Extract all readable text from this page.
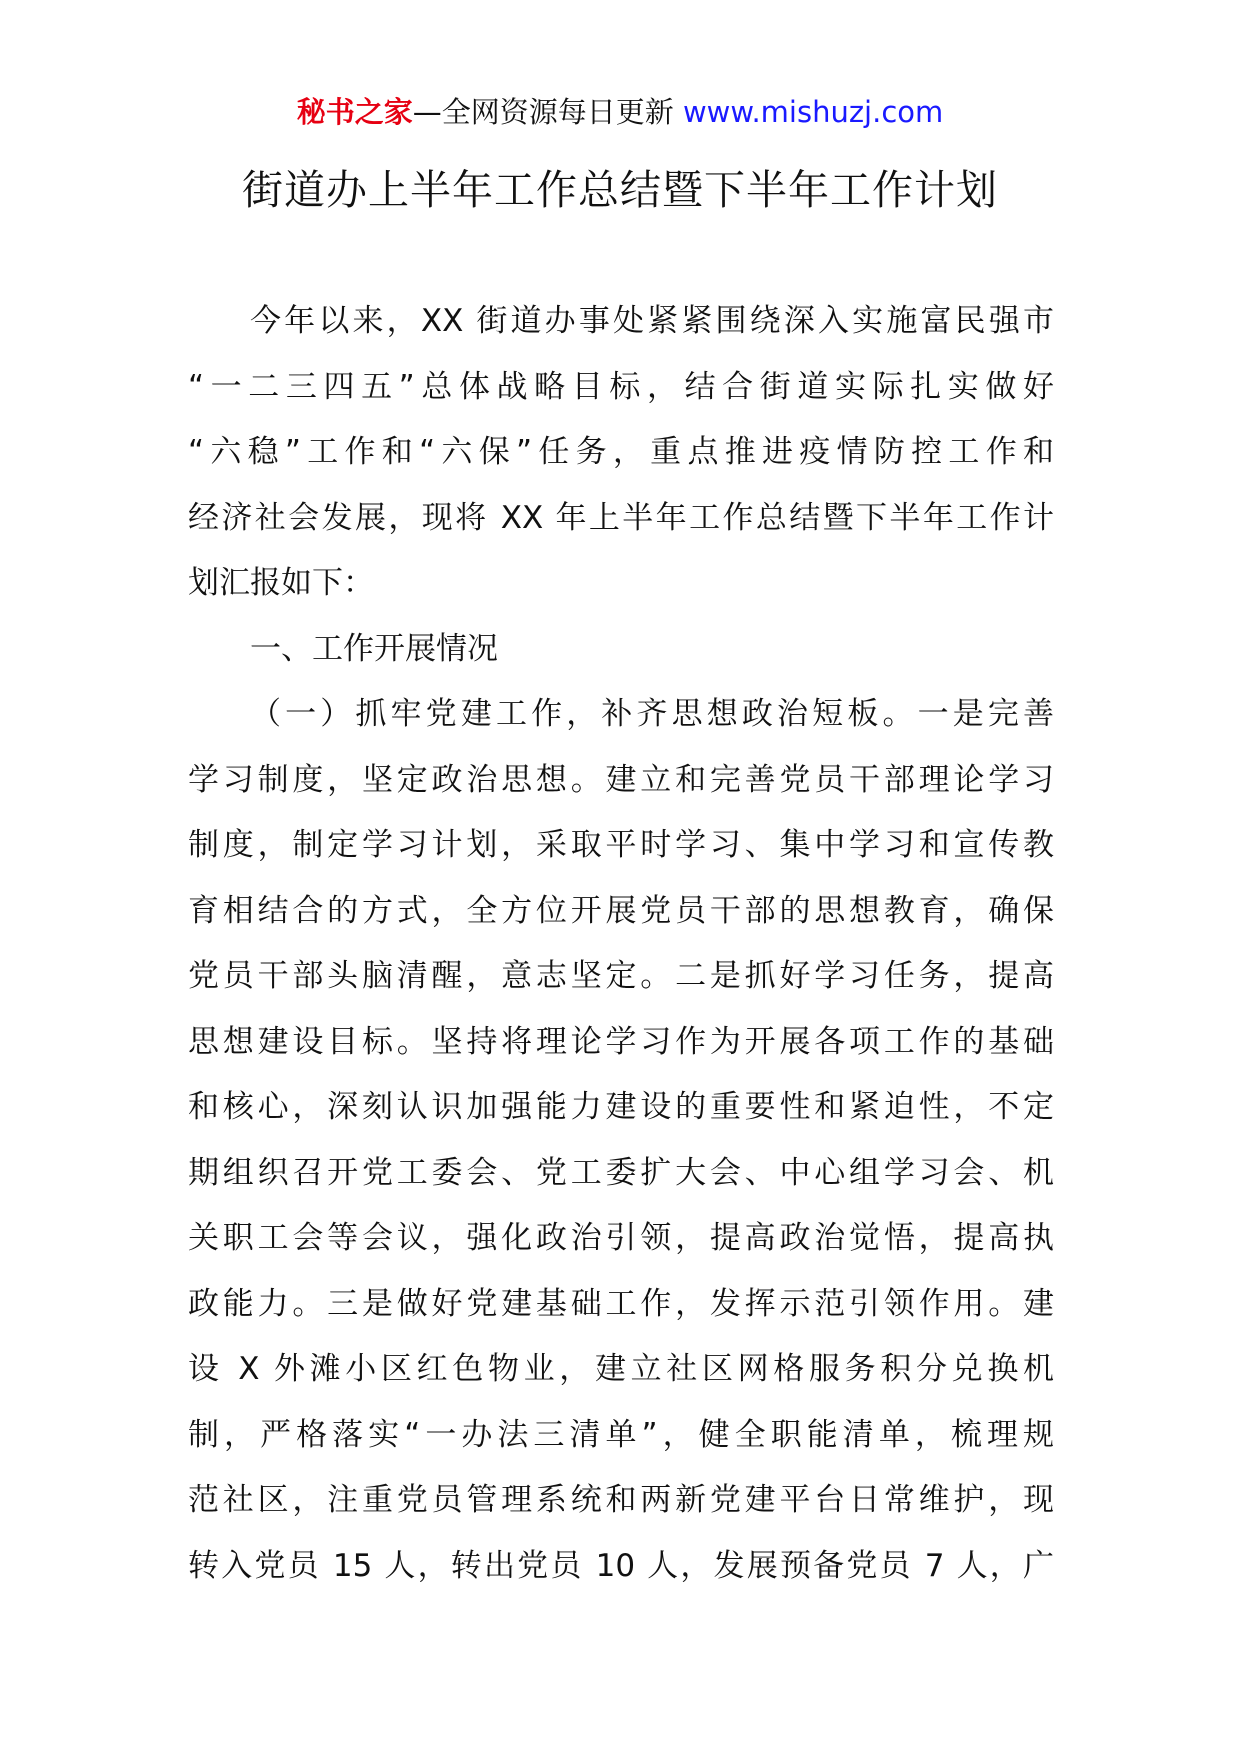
秘书之家—全网资源每日更新 www.mishuzj.com
街道办上半年工作总结暨下半年工作计划
今年以来，XX 街道办事处紧紧围绕深入实施富民强市
“一二三四五”总体战略目标，结合街道实际扎实做好
“六稳”工作和“六保”任务，重点推进疫情防控工作和
经济社会发展，现将 XX 年上半年工作总结暨下半年工作计
划汇报如下：
一、工作开展情况
（一）抓牢党建工作，补齐思想政治短板。一是完善
学习制度，坚定政治思想。建立和完善党员干部理论学习
制度，制定学习计划，采取平时学习、集中学习和宣传教
育相结合的方式，全方位开展党员干部的思想教育，确保
党员干部头脑清醒，意志坚定。二是抓好学习任务，提高
思想建设目标。坚持将理论学习作为开展各项工作的基础
和核心，深刻认识加强能力建设的重要性和紧迫性，不定
期组织召开党工委会、党工委扩大会、中心组学习会、机
关职工会等会议，强化政治引领，提高政治觉悟，提高执
政能力。三是做好党建基础工作，发挥示范引领作用。建
设 X 外滩小区红色物业，建立社区网格服务积分兑换机
制，严格落实“一办法三清单”，健全职能清单，梳理规
范社区，注重党员管理系统和两新党建平台日常维护，现
转入党员 15 人，转出党员 10 人，发展预备党员 7 人，广
